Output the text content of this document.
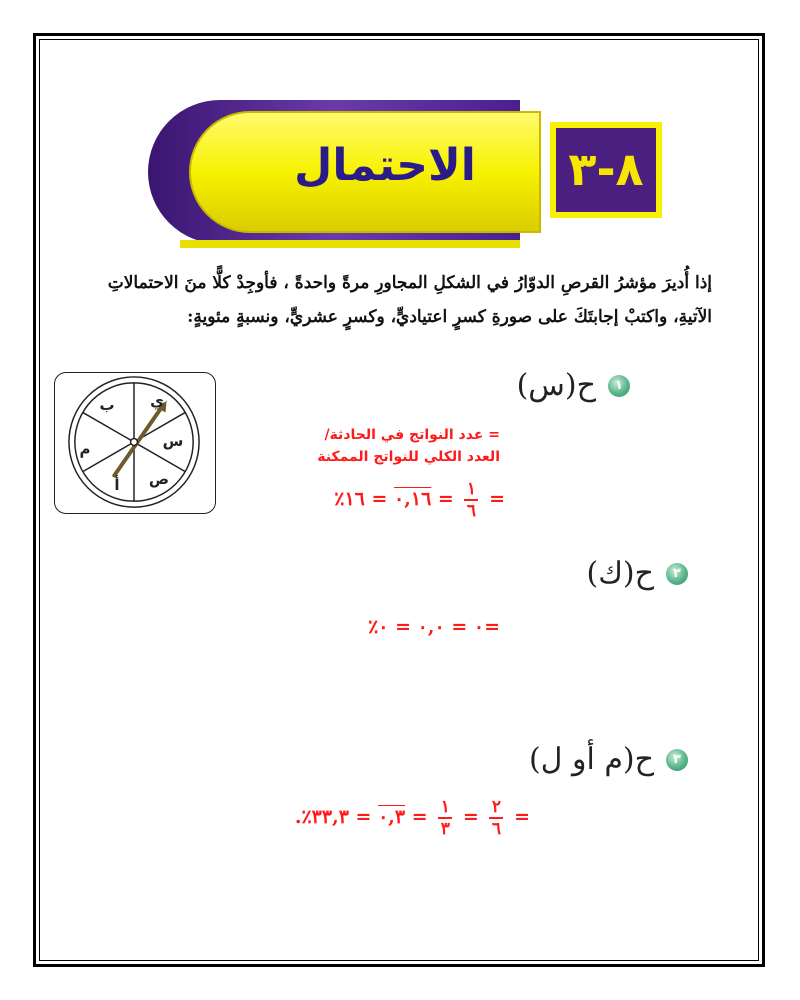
الاحتمال	٨-٣
إذا أُديرَ مؤشرُ القرصِ الدوّارُ في الشكلِ المجاورِ مرةً واحدةً ، فأوجِدْ كلًّا منَ الاحتمالاتِ
الآتيةِ، واكتبْ إجابتَكَ على صورةِ كسرٍ اعتياديٍّ، وكسرٍ عشريٍّ، ونسبةٍ مئويةٍ:
ب ي
س
ص
أ
م
١
ح(س)
= عدد النواتج في الحادثة/ العدد الكلي للنواتج الممكنة
=
$\frac{١}{٦}$
= ٠,١٦ = ١٦٪
٢
ح(ك)
=٠ = ٠,٠ = ٠٪
٣
ح(م أو ل)
=
$\frac{٢}{٦}$
=
$\frac{١}{٣}$
= ٠,٣ = ٣٣,٣٪.
